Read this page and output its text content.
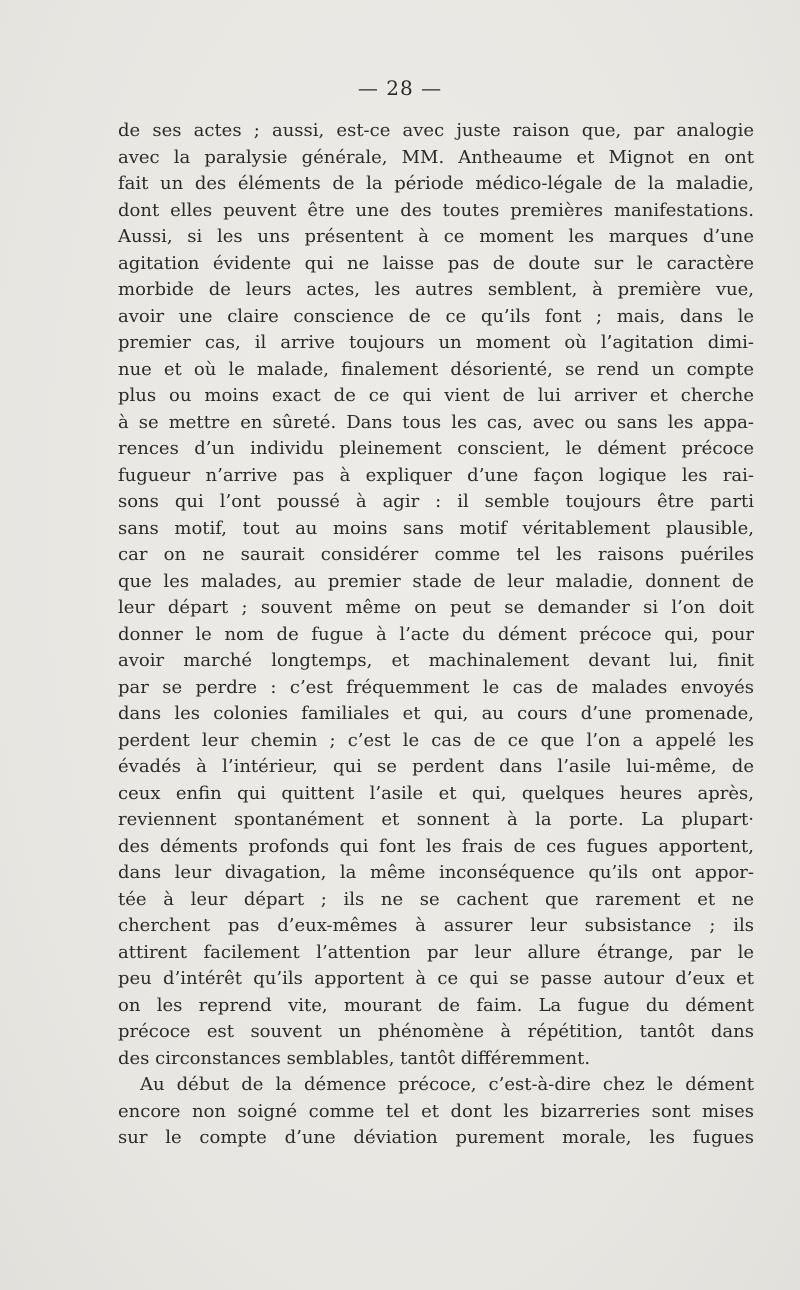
— 28 —
de ses actes ; aussi, est-ce avec juste raison que, par analogie
avec la paralysie générale, MM. Antheaume et Mignot en ont
fait un des éléments de la période médico-légale de la maladie,
dont elles peuvent être une des toutes premières manifestations.
Aussi, si les uns présentent à ce moment les marques d’une
agitation évidente qui ne laisse pas de doute sur le caractère
morbide de leurs actes, les autres semblent, à première vue,
avoir une claire conscience de ce qu’ils font ; mais, dans le
premier cas, il arrive toujours un moment où l’agitation dimi-
nue et où le malade, finalement désorienté, se rend un compte
plus ou moins exact de ce qui vient de lui arriver et cherche
à se mettre en sûreté. Dans tous les cas, avec ou sans les appa-
rences d’un individu pleinement conscient, le dément précoce
fugueur n’arrive pas à expliquer d’une façon logique les rai-
sons qui l’ont poussé à agir : il semble toujours être parti
sans motif, tout au moins sans motif véritablement plausible,
car on ne saurait considérer comme tel les raisons puériles
que les malades, au premier stade de leur maladie, donnent de
leur départ ; souvent même on peut se demander si l’on doit
donner le nom de fugue à l’acte du dément précoce qui, pour
avoir marché longtemps, et machinalement devant lui, finit
par se perdre : c’est fréquemment le cas de malades envoyés
dans les colonies familiales et qui, au cours d’une promenade,
perdent leur chemin ; c’est le cas de ce que l’on a appelé les
évadés à l’intérieur, qui se perdent dans l’asile lui-même, de
ceux enfin qui quittent l’asile et qui, quelques heures après,
reviennent spontanément et sonnent à la porte. La plupart·
des déments profonds qui font les frais de ces fugues apportent,
dans leur divagation, la même inconséquence qu’ils ont appor-
tée à leur départ ; ils ne se cachent que rarement et ne
cherchent pas d’eux-mêmes à assurer leur subsistance ; ils
attirent facilement l’attention par leur allure étrange, par le
peu d’intérêt qu’ils apportent à ce qui se passe autour d’eux et
on les reprend vite, mourant de faim. La fugue du dément
précoce est souvent un phénomène à répétition, tantôt dans
des circonstances semblables, tantôt différemment.
Au début de la démence précoce, c’est-à-dire chez le dément
encore non soigné comme tel et dont les bizarreries sont mises
sur le compte d’une déviation purement morale, les fugues
